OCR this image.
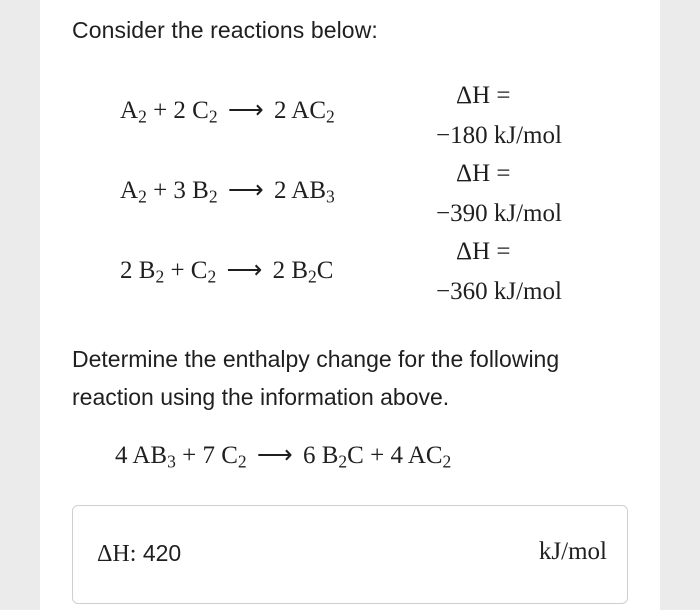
Consider the reactions below:
$A_2 + 2$ $C_2$ ⟶ 2 $AC_2$
ΔH =
−180 kJ/mol
$A_2 + 3$ $B_2$ ⟶ 2 $AB_3$
ΔH =
−390 kJ/mol
2 $B_2 + C_2$ ⟶ 2 $B_2C$
ΔH =
−360 kJ/mol
Determine the enthalpy change for the following reaction using the information above.
4 $AB_3 + 7$ $C_2$ ⟶ 6 $B_2C + 4$ $AC_2$
ΔH: 420	kJ/mol
